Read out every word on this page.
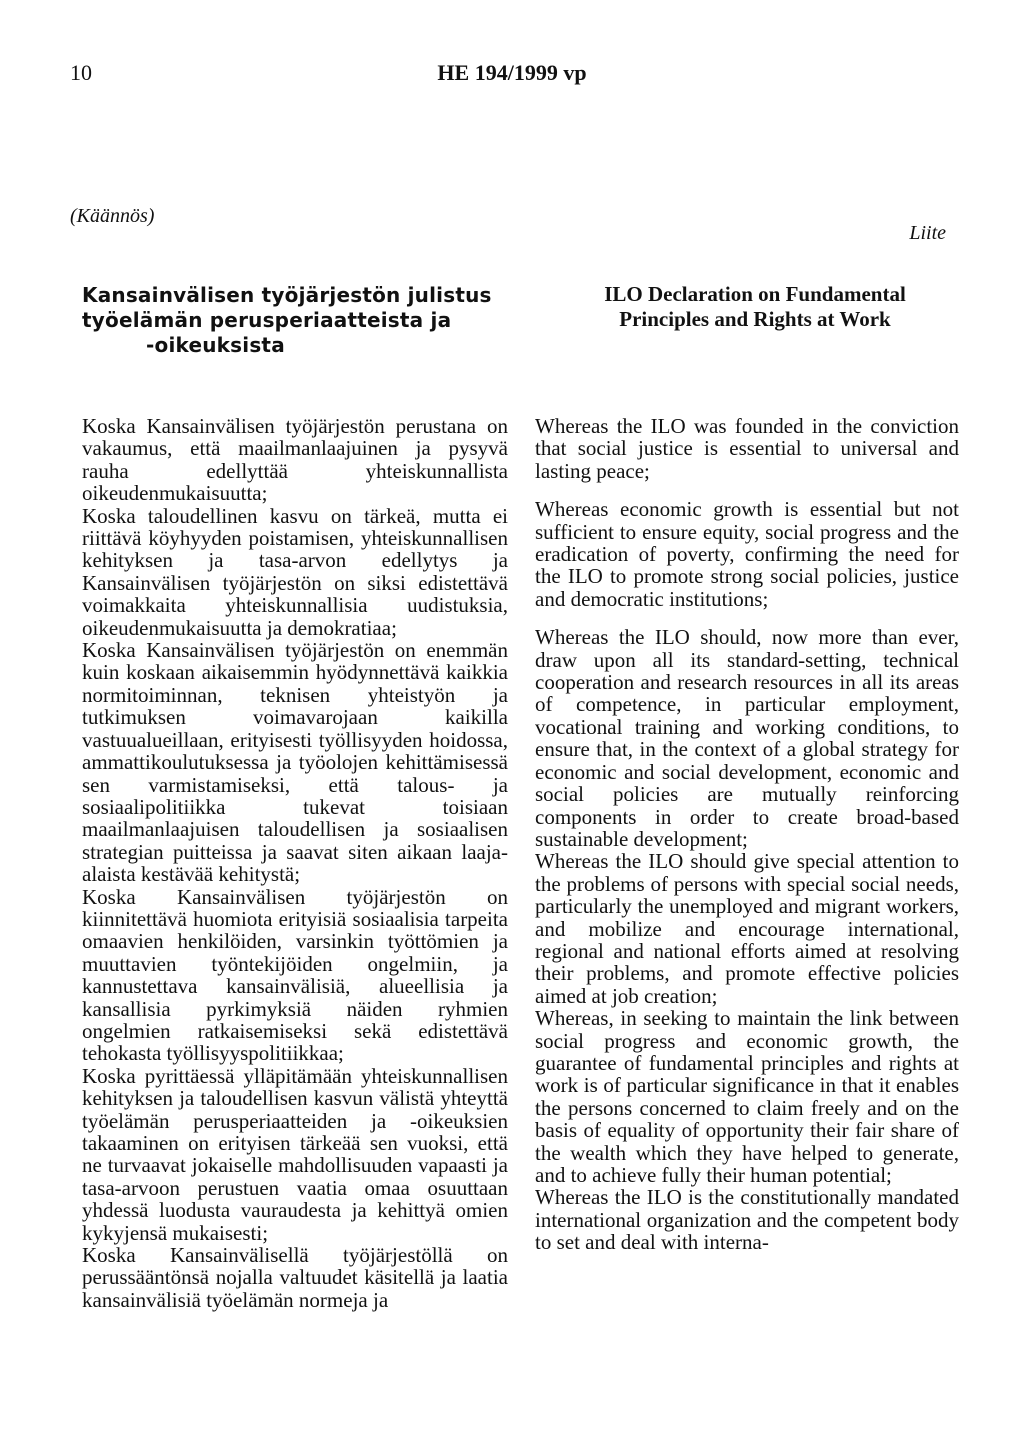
10	HE 194/1999 vp
(Käännös)
Liite
Kansainvälisen työjärjestön julistus
työelämän perusperiaatteista ja
-oikeuksista
ILO Declaration on Fundamental
Principles and Rights at Work

Koska Kansainvälisen työjärjestön perustana on vakaumus, että maailmanlaajuinen ja pysyvä rauha edellyttää yhteiskunnallista oikeudenmukaisuutta;

Koska taloudellinen kasvu on tärkeä, mutta ei riittävä köyhyyden poistamisen, yhteiskunnallisen kehityksen ja tasa-arvon edellytys ja Kansainvälisen työjärjestön on siksi edistettävä voimakkaita yhteiskunnallisia uudistuksia, oikeudenmukaisuutta ja demokratiaa;

Koska Kansainvälisen työjärjestön on enemmän kuin koskaan aikaisemmin hyödynnettävä kaikkia normitoiminnan, teknisen yhteistyön ja tutkimuksen voimavarojaan kaikilla vastuualueillaan, erityisesti työllisyyden hoidossa, ammattikoulutuksessa ja työolojen kehittämisessä sen varmistamiseksi, että talous- ja sosiaalipolitiikka tukevat toisiaan maailmanlaajuisen taloudellisen ja sosiaalisen strategian puitteissa ja saavat siten aikaan laaja-alaista kestävää kehitystä;

Koska Kansainvälisen työjärjestön on kiinnitettävä huomiota erityisiä sosiaalisia tarpeita omaavien henkilöiden, varsinkin työttömien ja muuttavien työntekijöiden ongelmiin, ja kannustettava kansainvälisiä, alueellisia ja kansallisia pyrkimyksiä näiden ryhmien ongelmien ratkaisemiseksi sekä edistettävä tehokasta työllisyyspolitiikkaa;

Koska pyrittäessä ylläpitämään yhteiskunnallisen kehityksen ja taloudellisen kasvun välistä yhteyttä työelämän perusperiaatteiden ja -oikeuksien takaaminen on erityisen tärkeää sen vuoksi, että ne turvaavat jokaiselle mahdollisuuden vapaasti ja tasa-arvoon perustuen vaatia omaa osuuttaan yhdessä luodusta vauraudesta ja kehittyä omien kykyjensä mukaisesti;

Koska Kansainvälisellä työjärjestöllä on perussääntönsä nojalla valtuudet käsitellä ja laatia kansainvälisiä työelämän normeja ja

Whereas the ILO was founded in the conviction that social justice is essential to universal and lasting peace;

Whereas economic growth is essential but not sufficient to ensure equity, social progress and the eradication of poverty, confirming the need for the ILO to promote strong social policies, justice and democratic institutions;

Whereas the ILO should, now more than ever, draw upon all its standard-setting, technical cooperation and research resources in all its areas of competence, in particular employment, vocational training and working conditions, to ensure that, in the context of a global strategy for economic and social development, economic and social policies are mutually reinforcing components in order to create broad-based sustainable development;

Whereas the ILO should give special attention to the problems of persons with special social needs, particularly the unemployed and migrant workers, and mobilize and encourage international, regional and national efforts aimed at resolving their problems, and promote effective policies aimed at job creation;

Whereas, in seeking to maintain the link between social progress and economic growth, the guarantee of fundamental principles and rights at work is of particular significance in that it enables the persons concerned to claim freely and on the basis of equality of opportunity their fair share of the wealth which they have helped to generate, and to achieve fully their human potential;

Whereas the ILO is the constitutionally mandated international organization and the competent body to set and deal with interna-
